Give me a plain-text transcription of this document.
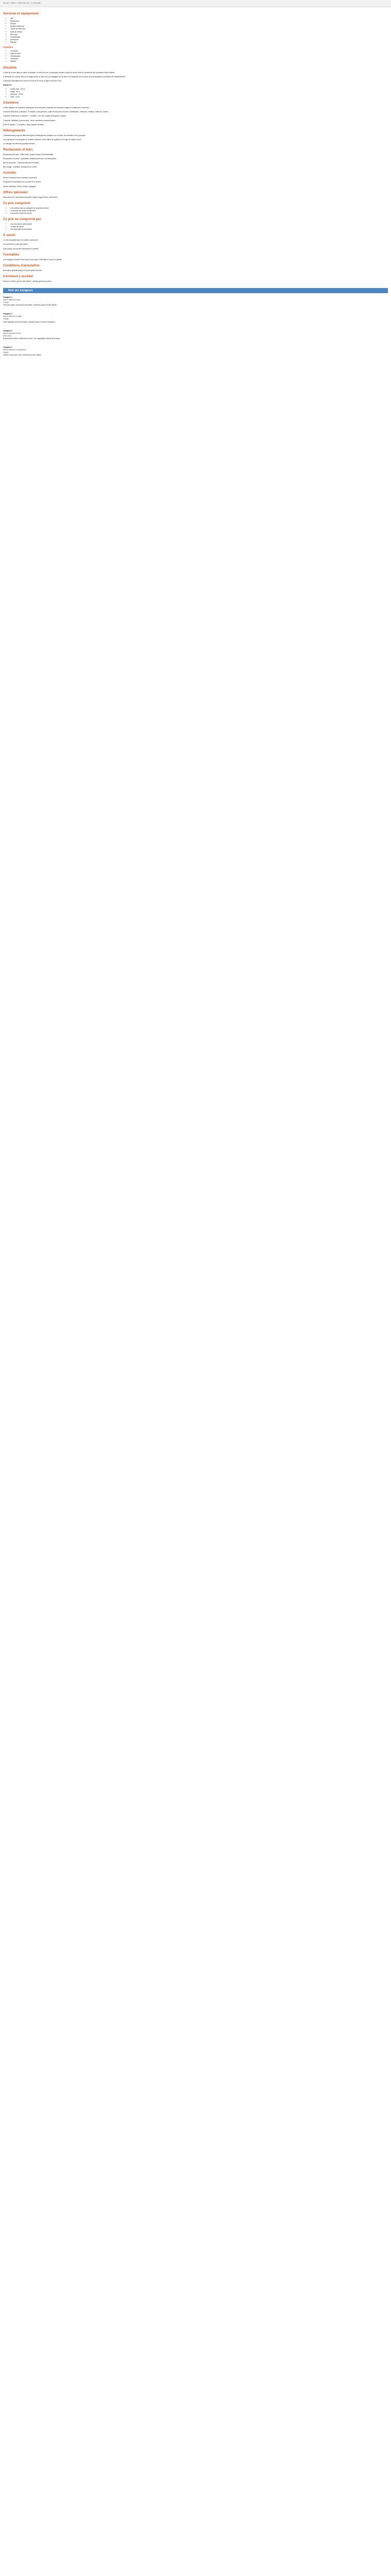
Accueil > Hôtels > Hôtel Club Liki > Le descriptif
Services et équipement
• Wifi
• Restaurant
• Piscine
• Piscine extérieure
• Centre de bien-être
• Salle de fitness
• Mini-club
• Climatisation
• Ascenseur
• Parking
Chambre
• Lit double
• Salle de bain
• Climatisation
• Télévision
• Minibar
Situation

L'hôtel se trouve dans un cadre verdoyant, en bord de mer, à quelques minutes à pied du centre-ville et à proximité des principaux sites d'intérêt.

Il bénéficie d'un accès direct à la plage privée et offre une vue dégagée sur la baie. Les transports en commun sont accessibles à proximité de l'établissement.

L'aéroport international se trouve à environ 20 km et la gare à environ 3 km.

Distances :

• Centre-ville : 800 m
• Plage : 50 m
• Aéroport : 20 km
• Gare : 3 km
Chambres

L'hôtel dispose de chambres spacieuses et lumineuses, réparties sur plusieurs étages et entièrement rénovées.

Chambre Standard (2 adultes) : lit double ou lits jumeaux, salle de bain avec douche, climatisation, télévision, minibar, coffre-fort, balcon.

Chambre Supérieure (2 adultes + 1 enfant) : vue mer, espace plus grand, canapé.

Chambre Familiale (4 personnes) : deux chambres communicantes.

Suite (2 adultes + 2 enfants) : salon séparé, terrasse.

Hébergements

L'établissement propose différents types d'hébergement adaptés aux couples, aux familles et aux groupes.

Les logements sont équipés de mobilier moderne, d'une literie de qualité et de linge de maison fourni.

Le ménage est effectué quotidiennement.

Restaurants et bars

Restaurant principal : buffet varié, cuisine locale et internationale.

Restaurant à la carte : spécialités méditerranéennes, sur réservation.

Bar de la piscine : boissons fraîches et snacks.

Bar lounge : cocktails, animations en soirée.

Activités

Piscine extérieure avec transats et parasols.

Programme d'animations en journée et en soirée.

Sports nautiques, tennis, fitness, aquagym.

Offres spéciales

Réduction pour réservation anticipée, séjour longue durée, tarif enfant.

Ce prix comprend
• Les nuitées dans la catégorie de chambre choisie
• La formule de repas mentionnée
• Les taxes et frais de service
Ce prix ne comprend pas
• Les excursions optionnelles
• La taxe de séjour
• Les dépenses personnelles
À savoir

Le wifi est gratuit dans les parties communes.

Les animaux ne sont pas admis.

Une caution pourra être demandée à l'arrivée.

Formalités

Les voyageurs doivent être munis d'une pièce d'identité en cours de validité.

Conditions d'annulation

Annulation gratuite jusqu'à 30 jours avant l'arrivée.

Comment y accéder

Accès en voiture par la route côtière ; parking gratuit sur place.

Note des voyageurs
Voyageur 1
Séjour effectué en juin
Couple

Très bon séjour, personnel accueillant, chambre propre et bien située.

Voyageur 2
Séjour effectué en juillet
Famille

Hôtel agréable pour les enfants, grande piscine et bonne animation.

Voyageur 3
Séjour effectué en août
Entre amis

Emplacement idéal, restaurant correct, vue magnifique depuis la terrasse.

Voyageur 4
Séjour effectué en septembre
Couple

Calme et reposant, nous reviendrons avec plaisir.
